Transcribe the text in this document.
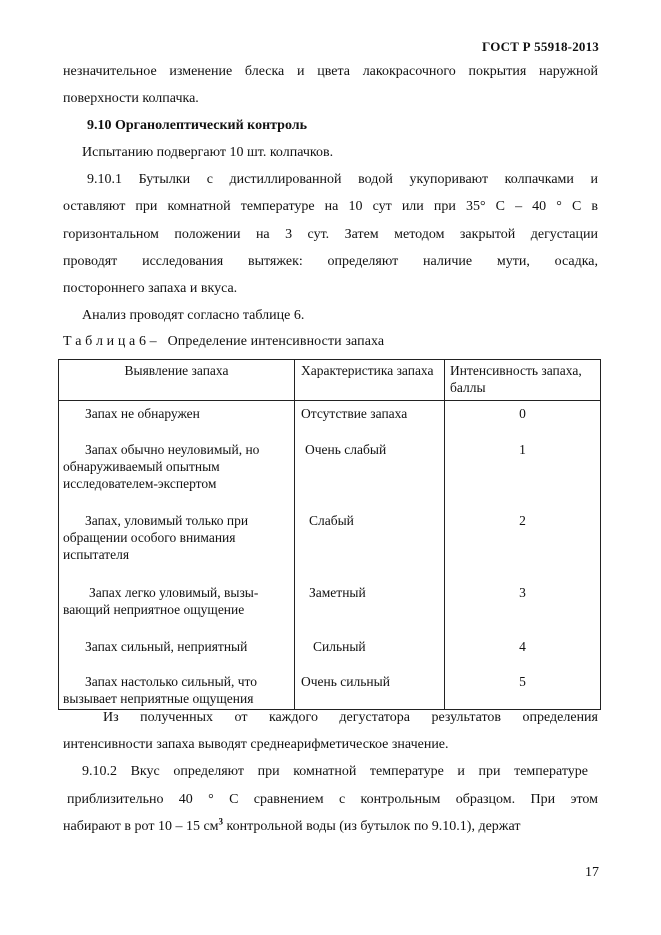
ГОСТ Р 55918-2013
незначительное изменение блеска и цвета лакокрасочного покрытия наружной
поверхности колпачка.
9.10 Органолептический контроль
Испытанию подвергают 10 шт. колпачков.
9.10.1 Бутылки с дистиллированной водой укупоривают колпачками и
оставляют при комнатной температуре на 10 сут или при 35° С – 40 ° С в
горизонтальном положении на 3 сут. Затем методом закрытой дегустации
проводят исследования вытяжек: определяют наличие мути, осадка,
постороннего запаха и вкуса.
Анализ проводят согласно таблице 6.
Т а б л и ц а 6 – Определение интенсивности запаха
Выявление запаха	Характеристика запаха	Интенсивность запаха, баллы
Запах не обнаружен	Отсутствие запаха	0
Запах обычно неуловимый, но обнаруживаемый опытным исследователем-экспертом	Очень слабый	1
Запах, уловимый только при обращении особого внимания испытателя	Слабый	2
Запах легко уловимый, вызы-вающий неприятное ощущение	Заметный	3
Запах сильный, неприятный	Сильный	4
Запах настолько сильный, что вызывает неприятные ощущения	Очень сильный	5
Из полученных от каждого дегустатора результатов определения
интенсивности запаха выводят среднеарифметическое значение.
9.10.2 Вкус определяют при комнатной температуре и при температуре
приблизительно 40 ° С сравнением с контрольным образцом. При этом
набирают в рот 10 – 15 $см^3$ контрольной воды (из бутылок по 9.10.1), держат
17
